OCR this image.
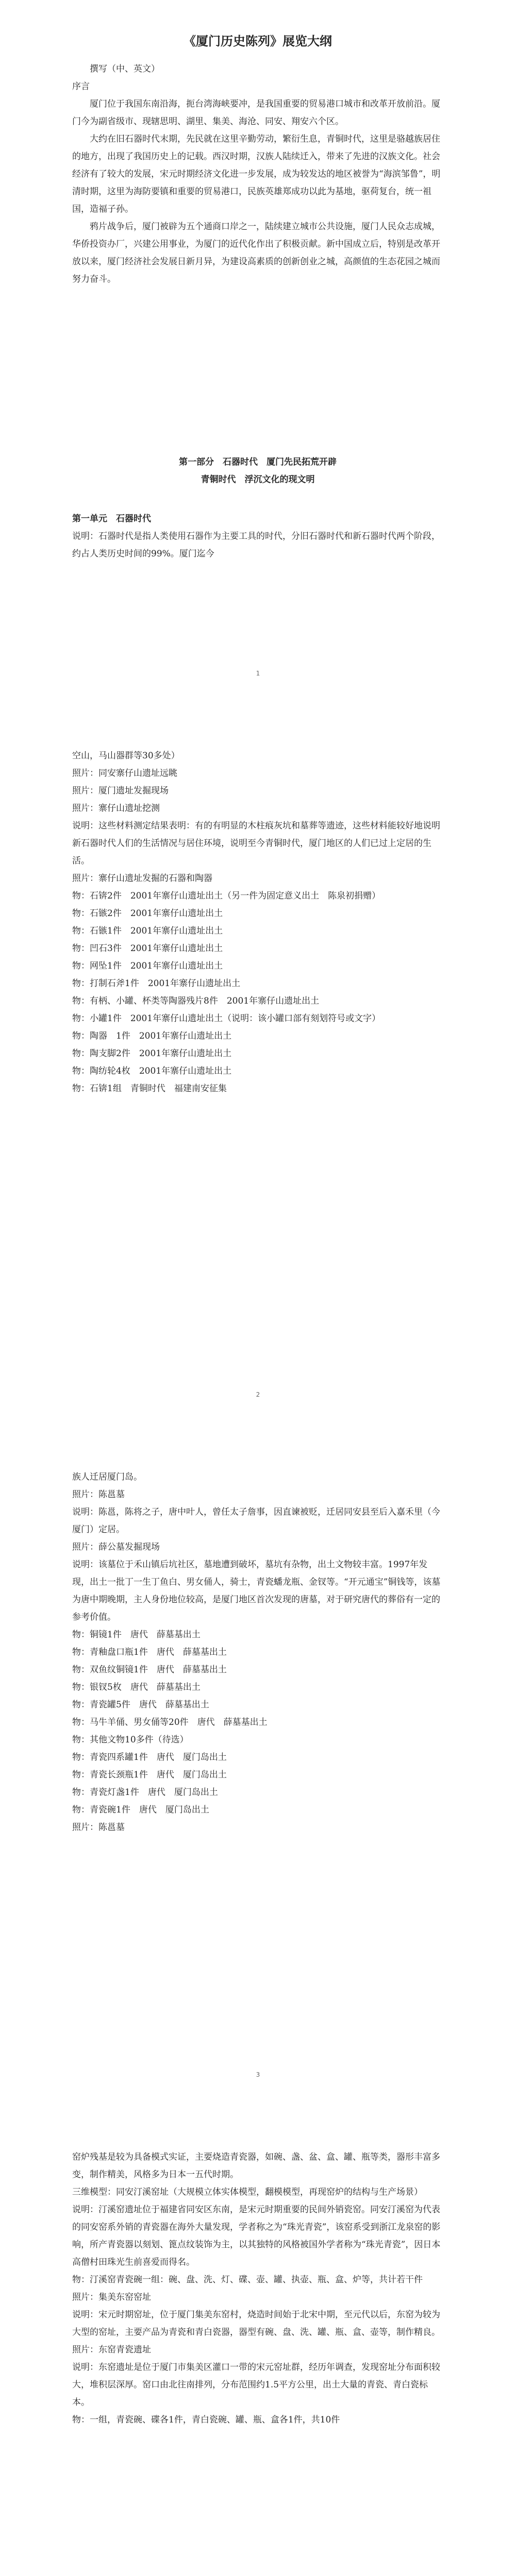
《厦门历史陈列》展览大纲

撰写（中、英文）

序言

厦门位于我国东南沿海，扼台湾海峡要冲，是我国重要的贸易港口城市和改革开放前沿。厦门今为副省级市、现辖思明、湖里、集美、海沧、同安、翔安六个区。

大约在旧石器时代末期，先民就在这里辛勤劳动，繁衍生息，青铜时代，这里是骆越族居住的地方，出现了我国历史上的记载。西汉时期，汉族人陆续迁入，带来了先进的汉族文化。社会经济有了较大的发展，宋元时期经济文化进一步发展，成为较发达的地区被誉为“海滨邹鲁”，明清时期，这里为海防要镇和重要的贸易港口，民族英雄郑成功以此为基地，驱荷复台，统一祖国，造福子孙。

鸦片战争后，厦门被辟为五个通商口岸之一，陆续建立城市公共设施，厦门人民众志成城，华侨投资办厂，兴建公用事业，为厦门的近代化作出了积极贡献。新中国成立后，特别是改革开放以来，厦门经济社会发展日新月异，为建设高素质的创新创业之城，高颜值的生态花园之城而努力奋斗。

第一部分　石器时代　厦门先民拓荒开辟

青铜时代　浮沉文化的现文明

第一单元　石器时代

说明：石器时代是指人类使用石器作为主要工具的时代，分旧石器时代和新石器时代两个阶段，约占人类历史时间的99%。厦门迄今

1

空山，马山器群等30多处）

照片：同安寨仔山遗址远眺

照片：厦门遗址发掘现场

照片：寨仔山遗址挖测

说明：这些材料测定结果表明：有的有明显的木柱痕灰坑和墓葬等遗迹，这些材料能较好地说明新石器时代人们的生活情况与居住环境，说明至今青铜时代，厦门地区的人们已过上定居的生活。

照片：寨仔山遗址发掘的石器和陶器

物：石锛2件　2001年寨仔山遗址出土（另一件为固定意义出土　陈泉初捐赠）

物：石镞2件　2001年寨仔山遗址出土

物：石镞1件　2001年寨仔山遗址出土

物：凹石3件　2001年寨仔山遗址出土

物：网坠1件　2001年寨仔山遗址出土

物：打制石斧1件　2001年寨仔山遗址出土

物：有柄、小罐、杯类等陶器残片8件　2001年寨仔山遗址出土

物：小罐1件　2001年寨仔山遗址出土（说明：该小罐口部有刻划符号或文字）

物：陶器　1件　2001年寨仔山遗址出土

物：陶支脚2件　2001年寨仔山遗址出土

物：陶纺轮4枚　2001年寨仔山遗址出土

物：石锛1组　青铜时代　福建南安征集

2

族人迁居厦门岛。

照片：陈邕墓

说明：陈邕，陈将之子，唐中叶人，曾任太子詹事，因直谏被贬，迁居同安县至后入嘉禾里（今厦门）定居。

照片：薛公墓发掘现场

说明：该墓位于禾山镇后坑社区，墓地遭到破坏，墓坑有杂物，出土文物较丰富。1997年发现，出土一批丁一生丁鱼白、男女俑人，骑士，青瓷蟠龙瓶、金钗等。“开元通宝”铜钱等，该墓为唐中期晚期，主人身份地位较高，是厦门地区首次发现的唐墓，对于研究唐代的葬俗有一定的参考价值。

物：铜镜1件　唐代　薛墓基出土

物：青釉盘口瓶1件　唐代　薛墓基出土

物：双鱼纹铜镜1件　唐代　薛墓基出土

物：银钗5枚　唐代　薛墓基出土

物：青瓷罐5件　唐代　薛墓基出土

物：马牛羊俑、男女俑等20件　唐代　薛墓基出土

物：其他文物10多件（待选）

物：青瓷四系罐1件　唐代　厦门岛出土

物：青瓷长颈瓶1件　唐代　厦门岛出土

物：青瓷灯盏1件　唐代　厦门岛出土

物：青瓷碗1件　唐代　厦门岛出土

照片：陈邕墓

3

窑炉残基是较为具备模式实证，主要烧造青瓷器，如碗、盏、盆、盒、罐、瓶等类，器形丰富多变，制作精美，风格多为日本一五代时期。

三维模型：同安汀溪窑址（大规模立体实体模型，翻模模型，再现窑炉的结构与生产场景）

说明：汀溪窑遗址位于福建省同安区东南，是宋元时期重要的民间外销瓷窑。同安汀溪窑为代表的同安窑系外销的青瓷器在海外大量发现，学者称之为“珠光青瓷”，该窑系受到浙江龙泉窑的影响，所产青瓷器以刻划、篦点纹装饰为主，以其独特的风格被国外学者称为“珠光青瓷”，因日本高僧村田珠光生前喜爱而得名。

物：汀溪窑青瓷碗一组：碗、盘、洗、灯、碟、壶、罐、执壶、瓶、盒、炉等，共计若干件

照片：集美东窑窑址

说明：宋元时期窑址，位于厦门集美东窑村，烧造时间始于北宋中期，至元代以后，东窑为较为大型的窑址，主要产品为青瓷和青白瓷器，器型有碗、盘、洗、罐、瓶、盒、壶等，制作精良。

照片：东窑青瓷遗址

说明：东窑遗址是位于厦门市集美区灌口一带的宋元窑址群，经历年调查，发现窑址分布面积较大，堆积层深厚。窑口由北往南排列，分布范围约1.5平方公里，出土大量的青瓷、青白瓷标本。

物：一组，青瓷碗、碟各1件，青白瓷碗、罐、瓶、盒各1件，共10件
